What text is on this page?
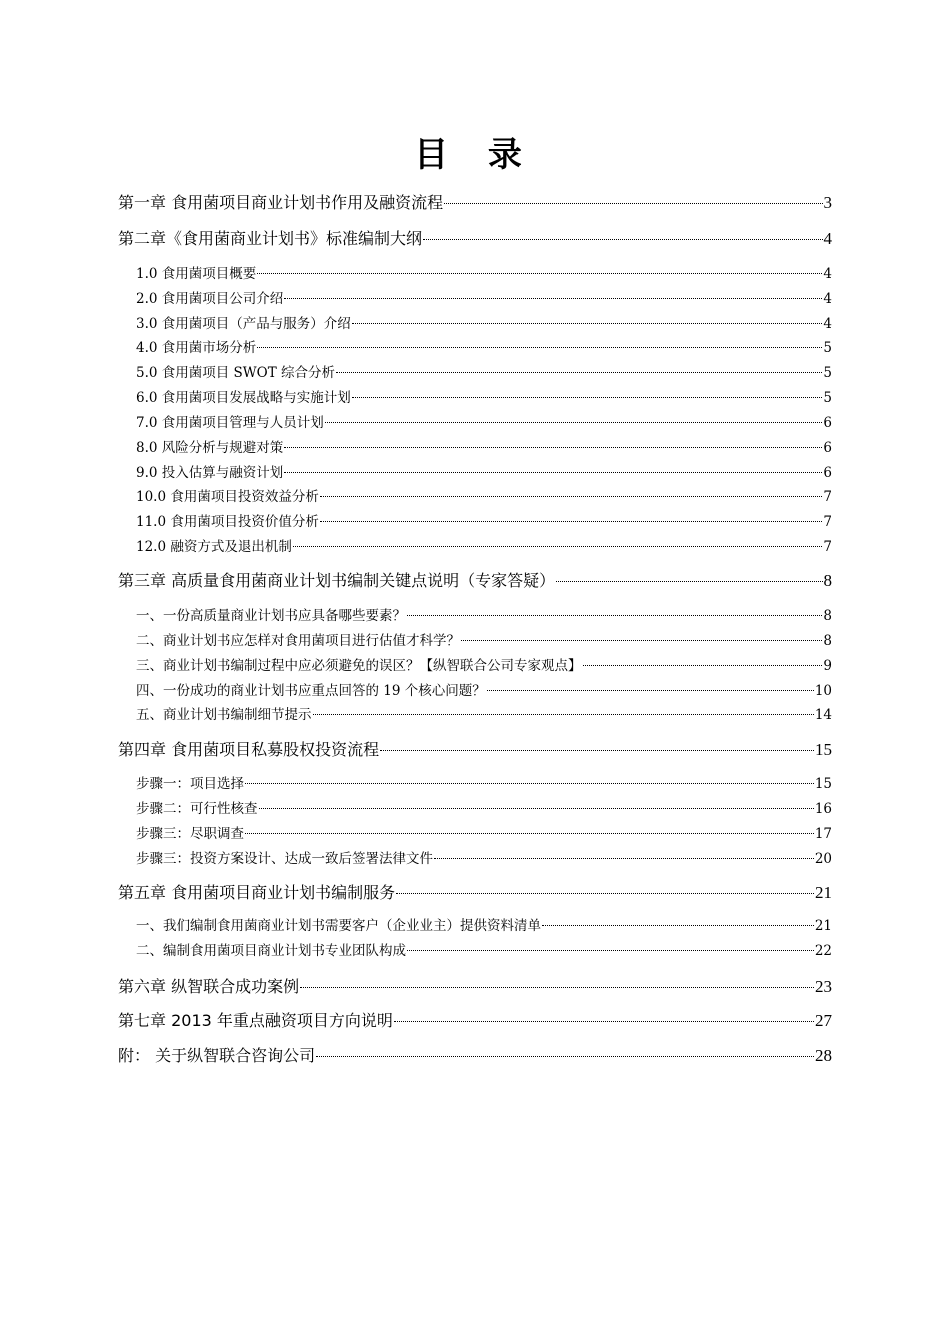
目 录
第一章 食用菌项目商业计划书作用及融资流程	3
第二章《食用菌商业计划书》标准编制大纲	4
1.0 食用菌项目概要	4
2.0 食用菌项目公司介绍	4
3.0 食用菌项目（产品与服务）介绍	4
4.0 食用菌市场分析	5
5.0 食用菌项目 SWOT 综合分析	5
6.0 食用菌项目发展战略与实施计划	5
7.0 食用菌项目管理与人员计划	6
8.0 风险分析与规避对策	6
9.0 投入估算与融资计划	6
10.0 食用菌项目投资效益分析	7
11.0 食用菌项目投资价值分析	7
12.0 融资方式及退出机制	7
第三章 高质量食用菌商业计划书编制关键点说明（专家答疑）	8
一、一份高质量商业计划书应具备哪些要素？	8
二、商业计划书应怎样对食用菌项目进行估值才科学？	8
三、商业计划书编制过程中应必须避免的误区？【纵智联合公司专家观点】	9
四、一份成功的商业计划书应重点回答的 19 个核心问题？	10
五、商业计划书编制细节提示	14
第四章 食用菌项目私募股权投资流程	15
步骤一：项目选择	15
步骤二：可行性核查	16
步骤三：尽职调查	17
步骤三：投资方案设计、达成一致后签署法律文件	20
第五章 食用菌项目商业计划书编制服务	21
一、我们编制食用菌商业计划书需要客户（企业业主）提供资料清单	21
二、编制食用菌项目商业计划书专业团队构成	22
第六章 纵智联合成功案例	23
第七章 2013 年重点融资项目方向说明	27
附： 关于纵智联合咨询公司	28
